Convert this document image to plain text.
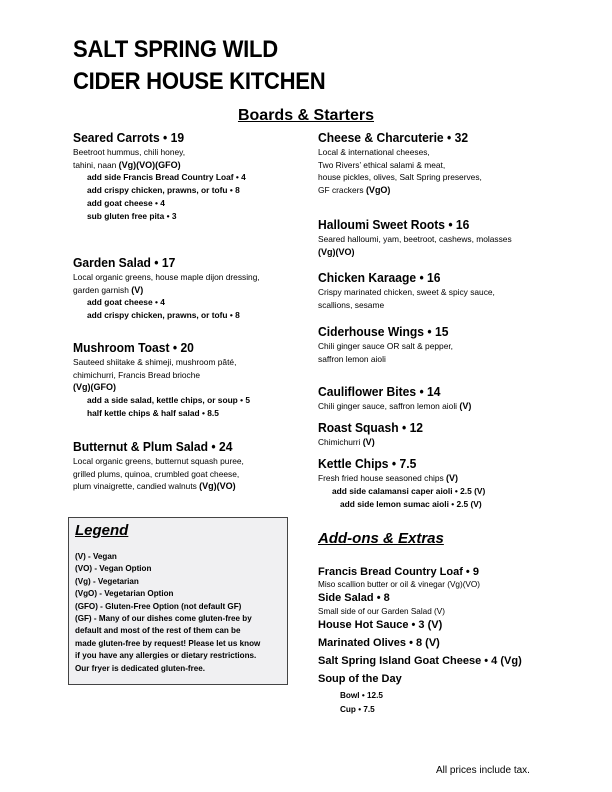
SALT SPRING WILD
CIDER HOUSE KITCHEN
Boards & Starters
Seared Carrots • 19
Beetroot hummus, chili honey,
tahini, naan (Vg)(VO)(GFO)
add side Francis Bread Country Loaf • 4
add crispy chicken, prawns, or tofu • 8
add goat cheese • 4
sub gluten free pita • 3
Garden Salad • 17
Local organic greens, house maple dijon dressing,
garden garnish (V)
add goat cheese • 4
add crispy chicken, prawns, or tofu • 8
Mushroom Toast • 20
Sauteed shiitake & shimeji, mushroom pâté,
chimichurri, Francis Bread brioche
(Vg)(GFO)
add a side salad, kettle chips, or soup • 5
half kettle chips & half salad • 8.5
Butternut & Plum Salad • 24
Local organic greens, butternut squash puree,
grilled plums, quinoa, crumbled goat cheese,
plum vinaigrette, candied walnuts (Vg)(VO)
Cheese & Charcuterie • 32
Local & international cheeses,
Two Rivers’ ethical salami & meat,
house pickles, olives, Salt Spring preserves,
GF crackers (VgO)
Halloumi Sweet Roots • 16
Seared halloumi, yam, beetroot, cashews, molasses
(Vg)(VO)
Chicken Karaage • 16
Crispy marinated chicken, sweet & spicy sauce,
scallions, sesame
Ciderhouse Wings • 15
Chili ginger sauce OR salt & pepper,
saffron lemon aioli
Cauliflower Bites • 14
Chili ginger sauce, saffron lemon aioli (V)
Roast Squash • 12
Chimichurri (V)
Kettle Chips • 7.5
Fresh fried house seasoned chips (V)
add side calamansi caper aioli • 2.5 (V)
add side lemon sumac aioli • 2.5 (V)
Legend
(V) - Vegan
(VO) - Vegan Option
(Vg) - Vegetarian
(VgO) - Vegetarian Option
(GFO) - Gluten-Free Option (not default GF)
(GF) - Many of our dishes come gluten-free by
default and most of the rest of them can be
made gluten-free by request! Please let us know
if you have any allergies or dietary restrictions.
Our fryer is dedicated gluten-free.
Add-ons & Extras
Francis Bread Country Loaf • 9
Miso scallion butter or oil & vinegar (Vg)(VO)
Side Salad • 8
Small side of our Garden Salad (V)
House Hot Sauce • 3 (V)
Marinated Olives • 8 (V)
Salt Spring Island Goat Cheese • 4 (Vg)
Soup of the Day
Bowl • 12.5
Cup • 7.5
All prices include tax.
